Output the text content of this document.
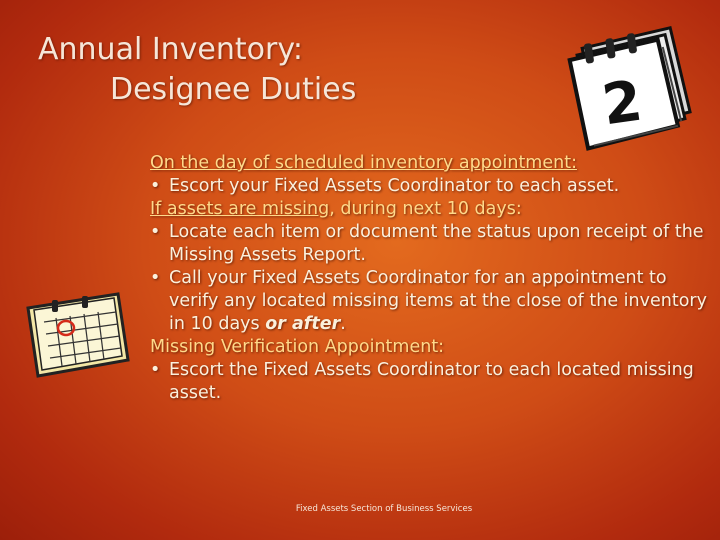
Annual Inventory:
Designee Duties	2

On the day of scheduled inventory appointment:

• Escort your Fixed Assets Coordinator to each asset.

If assets are missing, during next 10 days:

• Locate each item or document the status upon receipt of the Missing Assets Report.

• Call your Fixed Assets Coordinator for an appointment to verify any located missing items at the close of the inventory in 10 days or after.

Missing Verification Appointment:

• Escort the Fixed Assets Coordinator to each located missing asset.

Fixed Assets Section of Business Services
